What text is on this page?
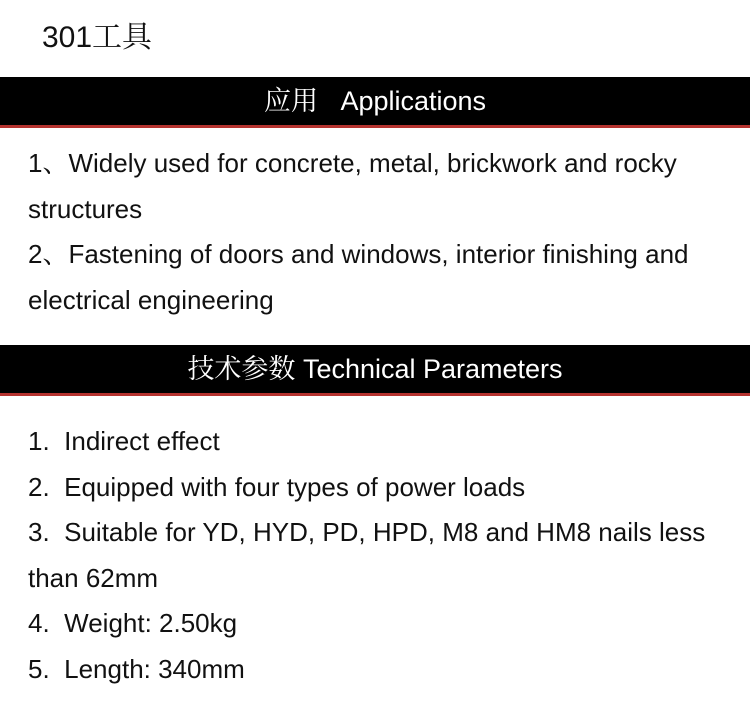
301工具
应用   Applications
1、Widely used for concrete, metal, brickwork and rocky structures
2、Fastening of doors and windows, interior finishing and electrical engineering
技术参数 Technical Parameters
1.  Indirect effect
2.  Equipped with four types of power loads
3.  Suitable for YD, HYD, PD, HPD, M8 and HM8 nails less than 62mm
4.  Weight: 2.50kg
5.  Length: 340mm
